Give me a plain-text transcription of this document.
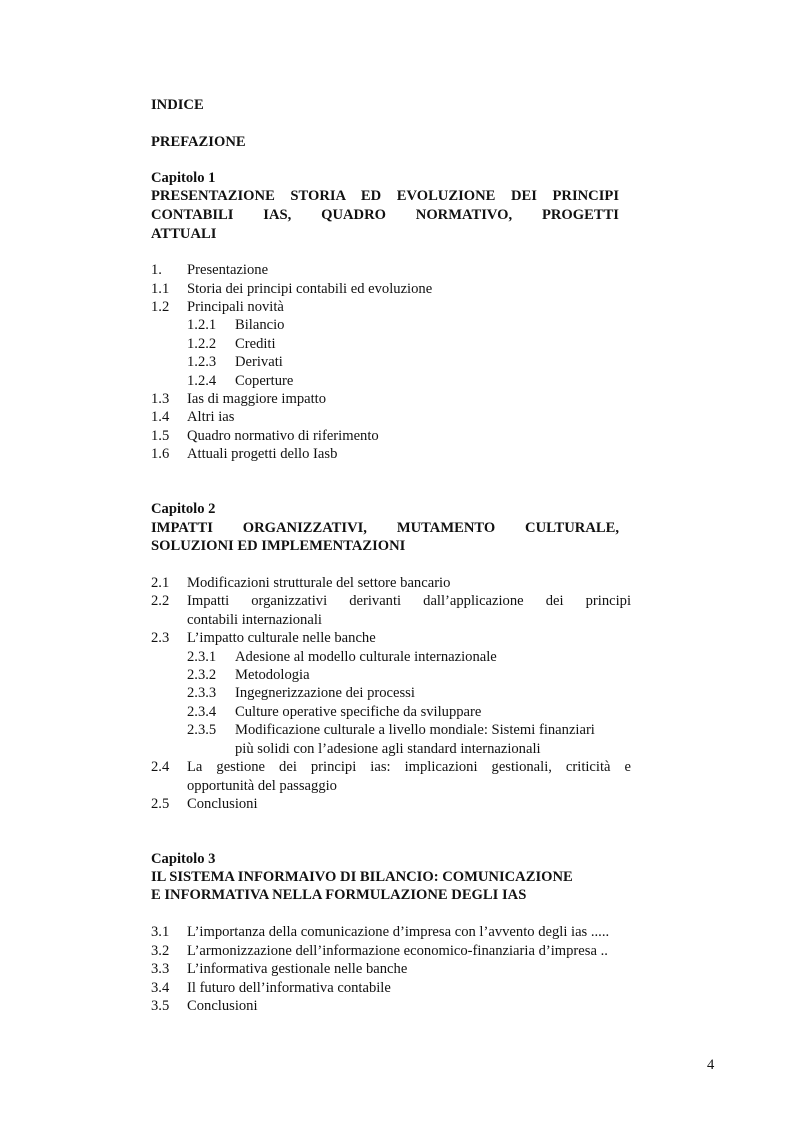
INDICE
PREFAZIONE
Capitolo 1
PRESENTAZIONE STORIA ED EVOLUZIONE DEI PRINCIPI
CONTABILI IAS, QUADRO NORMATIVO, PROGETTI
ATTUALI
1. Presentazione
1.1 Storia dei principi contabili ed evoluzione
1.2 Principali novità
1.2.1 Bilancio
1.2.2 Crediti
1.2.3 Derivati
1.2.4 Coperture
1.3 Ias di maggiore impatto
1.4 Altri ias
1.5 Quadro normativo di riferimento
1.6 Attuali progetti dello Iasb
Capitolo 2
IMPATTI ORGANIZZATIVI, MUTAMENTO CULTURALE,
SOLUZIONI ED IMPLEMENTAZIONI
2.1 Modificazioni strutturale del settore bancario
2.2 Impatti organizzativi derivanti dall’applicazione dei principi
contabili internazionali
2.3 L’impatto culturale nelle banche
2.3.1 Adesione al modello culturale internazionale
2.3.2 Metodologia
2.3.3 Ingegnerizzazione dei processi
2.3.4 Culture operative specifiche da sviluppare
2.3.5 Modificazione culturale a livello mondiale: Sistemi finanziari
più solidi con l’adesione agli standard internazionali
2.4 La gestione dei principi ias: implicazioni gestionali, criticità e
opportunità del passaggio
2.5 Conclusioni
Capitolo 3
IL SISTEMA INFORMAIVO DI BILANCIO: COMUNICAZIONE
E INFORMATIVA NELLA FORMULAZIONE DEGLI IAS
3.1 L’importanza della comunicazione d’impresa con l’avvento degli ias .....
3.2 L’armonizzazione dell’informazione economico-finanziaria d’impresa ..
3.3 L’informativa gestionale nelle banche
3.4 Il futuro dell’informativa contabile
3.5 Conclusioni
4
